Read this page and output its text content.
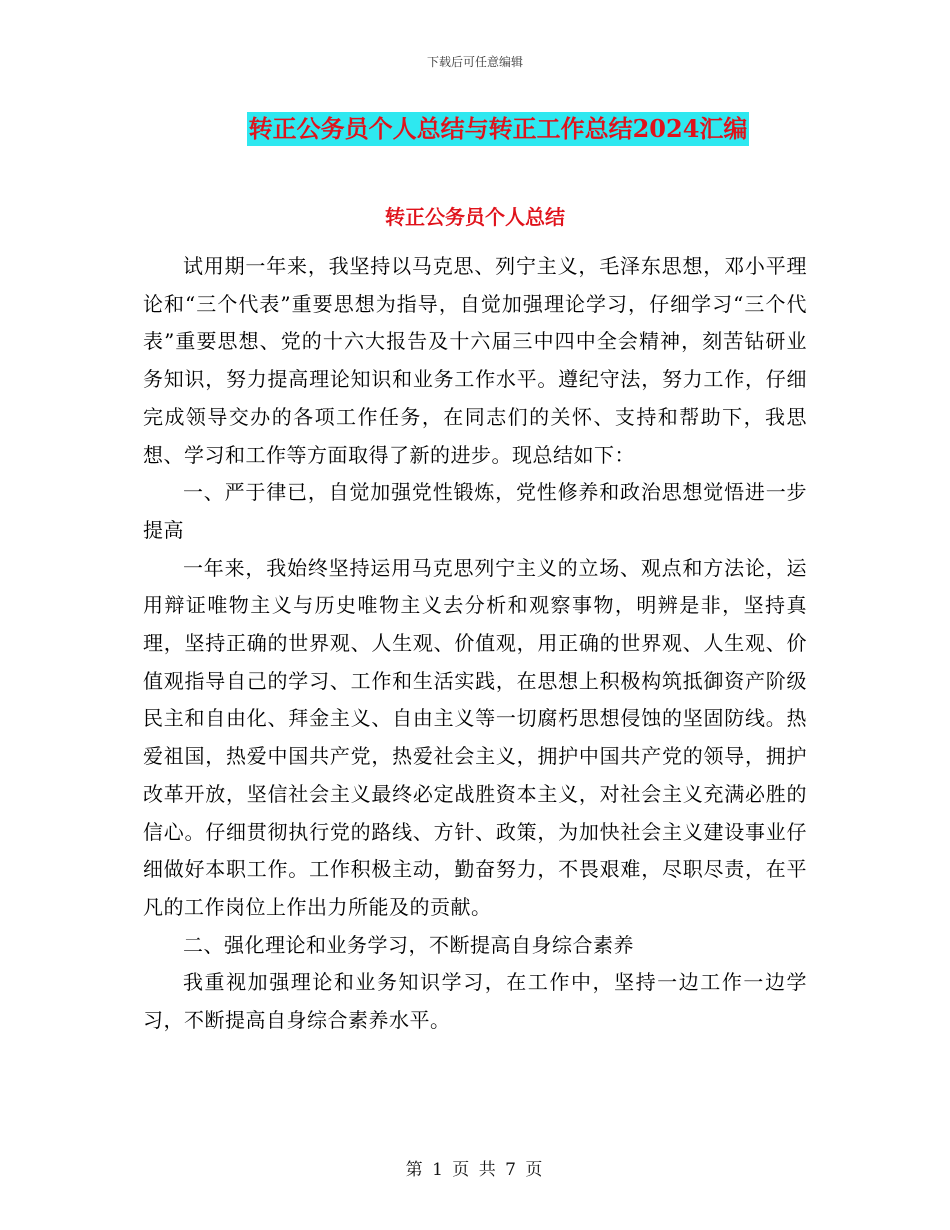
下载后可任意编辑
转正公务员个人总结与转正工作总结2024汇编
转正公务员个人总结

试用期一年来，我坚持以马克思、列宁主义，毛泽东思想，邓小平理论和“三个代表”重要思想为指导，自觉加强理论学习，仔细学习“三个代表”重要思想、党的十六大报告及十六届三中四中全会精神，刻苦钻研业务知识，努力提高理论知识和业务工作水平。遵纪守法，努力工作，仔细完成领导交办的各项工作任务，在同志们的关怀、支持和帮助下，我思想、学习和工作等方面取得了新的进步。现总结如下：

一、严于律已，自觉加强党性锻炼，党性修养和政治思想觉悟进一步提高

一年来，我始终坚持运用马克思列宁主义的立场、观点和方法论，运用辩证唯物主义与历史唯物主义去分析和观察事物，明辨是非，坚持真理，坚持正确的世界观、人生观、价值观，用正确的世界观、人生观、价值观指导自己的学习、工作和生活实践，在思想上积极构筑抵御资产阶级民主和自由化、拜金主义、自由主义等一切腐朽思想侵蚀的坚固防线。热爱祖国，热爱中国共产党，热爱社会主义，拥护中国共产党的领导，拥护改革开放，坚信社会主义最终必定战胜资本主义，对社会主义充满必胜的信心。仔细贯彻执行党的路线、方针、政策，为加快社会主义建设事业仔细做好本职工作。工作积极主动，勤奋努力，不畏艰难，尽职尽责，在平凡的工作岗位上作出力所能及的贡献。

二、强化理论和业务学习，不断提高自身综合素养

我重视加强理论和业务知识学习，在工作中，坚持一边工作一边学习，不断提高自身综合素养水平。

第 1 页 共 7 页
